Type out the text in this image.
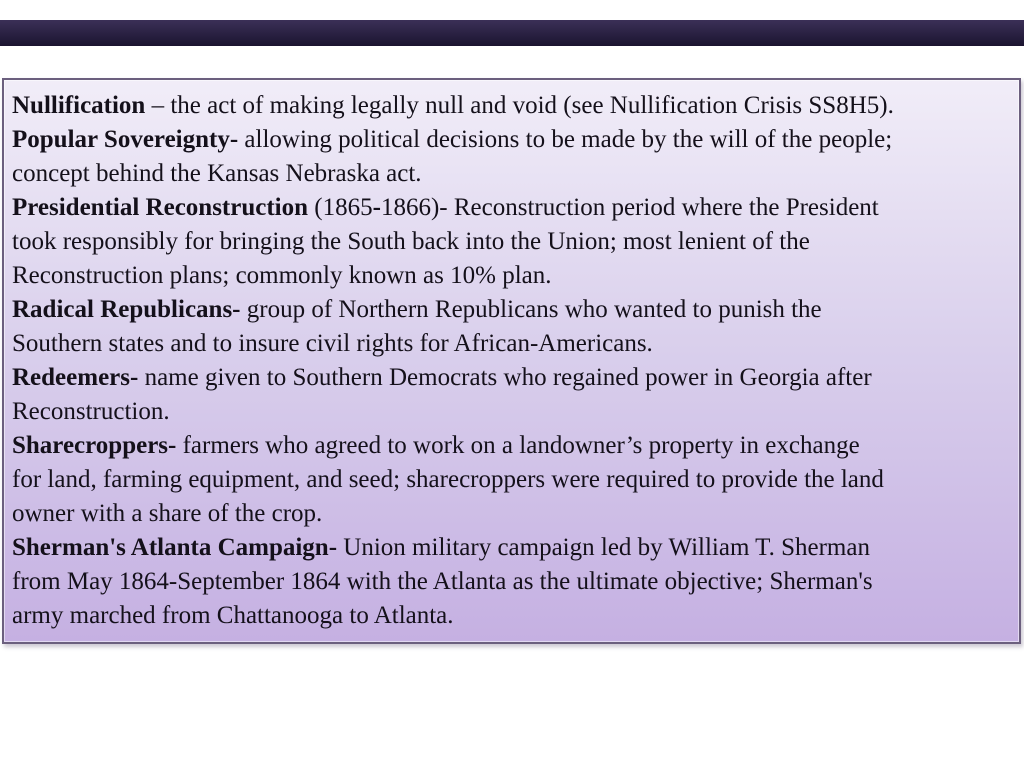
Nullification – the act of making legally null and void (see Nullification Crisis SS8H5).
Popular Sovereignty- allowing political decisions to be made by the will of the people;
concept behind the Kansas Nebraska act.
Presidential Reconstruction (1865-1866)- Reconstruction period where the President
took responsibly for bringing the South back into the Union; most lenient of the
Reconstruction plans; commonly known as 10% plan.
Radical Republicans- group of Northern Republicans who wanted to punish the
Southern states and to insure civil rights for African-Americans.
Redeemers- name given to Southern Democrats who regained power in Georgia after
Reconstruction.
Sharecroppers- farmers who agreed to work on a landowner’s property in exchange
for land, farming equipment, and seed; sharecroppers were required to provide the land
owner with a share of the crop.
Sherman's Atlanta Campaign- Union military campaign led by William T. Sherman
from May 1864-September 1864 with the Atlanta as the ultimate objective; Sherman's
army marched from Chattanooga to Atlanta.
